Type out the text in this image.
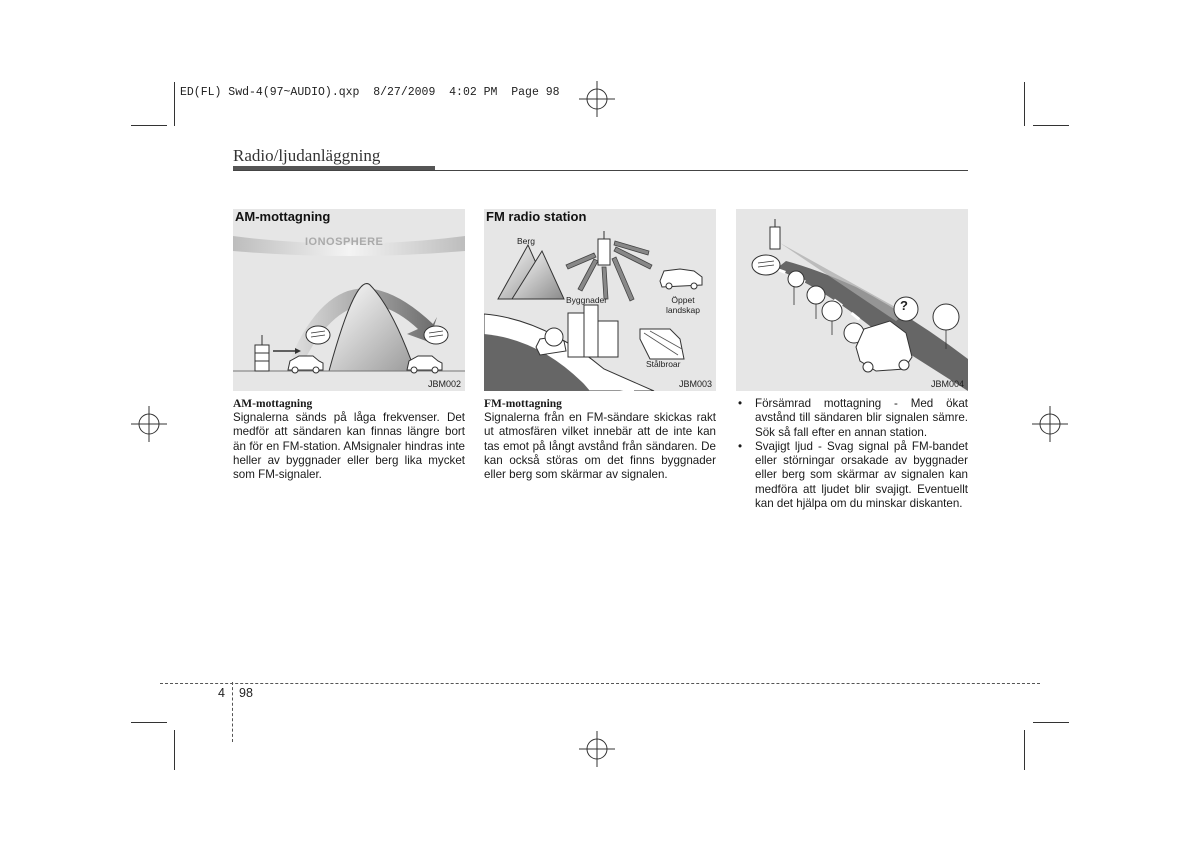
ED(FL) Swd-4(97~AUDIO).qxp  8/27/2009  4:02 PM  Page 98
Radio/ljudanläggning
AM-mottagning
IONOSPHERE
JBM002
FM radio station
Berg
Byggnader	Öppet landskap
Stålbroar
JBM003
?
JBM004
AM-mottagning
Signalerna sänds på låga frekvenser. Det medför att sändaren kan finnas längre bort än för en FM-station. AMsignaler hindras inte heller av byggnader eller berg lika mycket som FM-signaler.
FM-mottagning
Signalerna från en FM-sändare skickas rakt ut atmosfären vilket innebär att de inte kan tas emot på långt avstånd från sändaren. De kan också störas om det finns byggnader eller berg som skärmar av signalen.
• Försämrad mottagning - Med ökat avstånd till sändaren blir signalen sämre. Sök så fall efter en annan station.
• Svajigt ljud - Svag signal på FM-bandet eller störningar orsakade av byggnader eller berg som skärmar av signalen kan medföra att ljudet blir svajigt. Eventuellt kan det hjälpa om du minskar diskanten.
4 98
